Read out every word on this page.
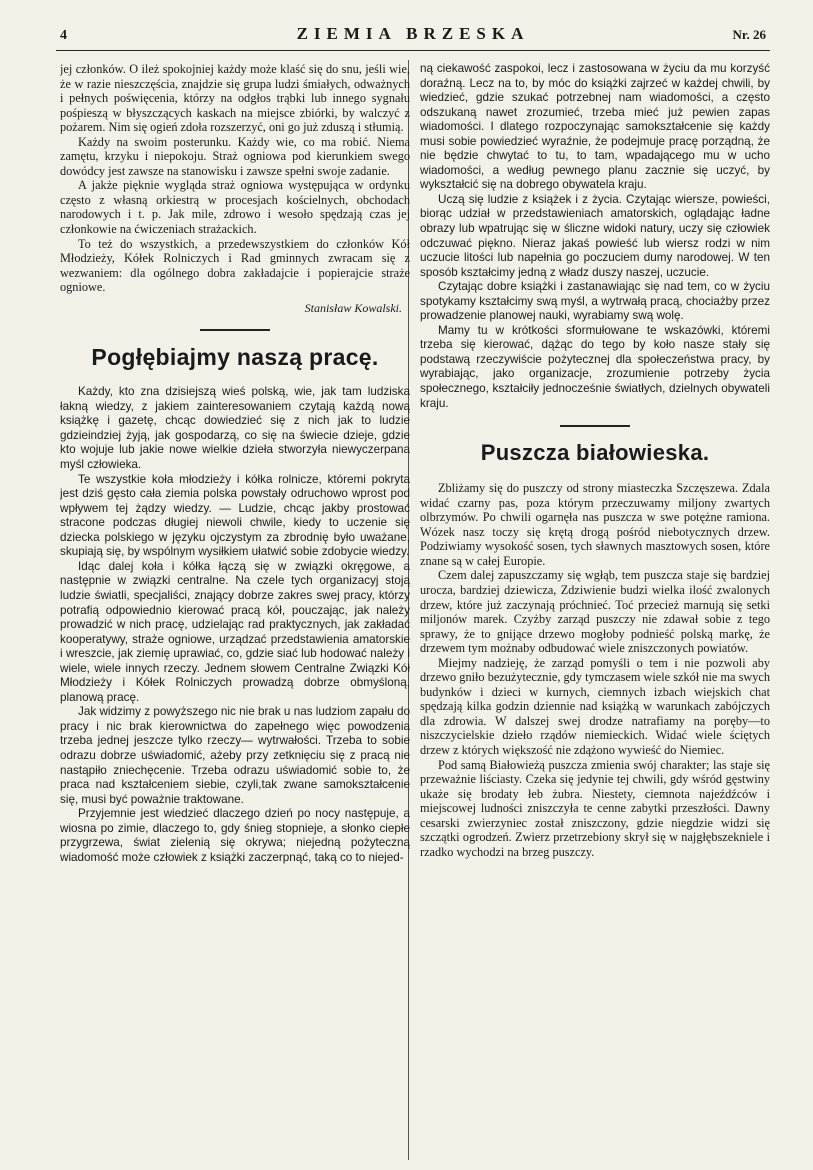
4	ZIEMIA BRZESKA	Nr. 26

jej członków. O ileż spokojniej każdy może klaść się do snu, jeśli wie, że w razie nieszczęścia, znajdzie się grupa ludzi śmiałych, odważnych i pełnych poświęcenia, którzy na odgłos trąbki lub innego sygnału pośpieszą w błyszczących kaskach na miejsce zbiórki, by walczyć z pożarem. Nim się ogień zdoła rozszerzyć, oni go już zduszą i stłumią.

Każdy na swoim posterunku. Każdy wie, co ma robić. Niema zamętu, krzyku i niepokoju. Straż ogniowa pod kierunkiem swego dowódcy jest zawsze na stanowisku i zawsze spełni swoje zadanie.

A jakże pięknie wygląda straż ogniowa występująca w ordynku często z własną orkiestrą w procesjach kościelnych, obchodach narodowych i t. p. Jak mile, zdrowo i wesoło spędzają czas jej członkowie na ćwiczeniach strażackich.

To też do wszystkich, a przedewszystkiem do członków Kół Młodzieży, Kółek Rolniczych i Rad gminnych zwracam się z wezwaniem: dla ogólnego dobra zakładajcie i popierajcie straże ogniowe.

Stanisław Kowalski.
Pogłębiajmy naszą pracę.

Każdy, kto zna dzisiejszą wieś polską, wie, jak tam ludziska łakną wiedzy, z jakiem zainteresowaniem czytają każdą nową książkę i gazetę, chcąc dowiedzieć się z nich jak to ludzie gdzieindziej żyją, jak gospodarzą, co się na świecie dzieje, gdzie kto wojuje lub jakie nowe wielkie dzieła stworzyła niewyczerpana myśl człowieka.

Te wszystkie koła młodzieży i kółka rolnicze, któremi pokryta jest dziś gęsto cała ziemia polska powstały odruchowo wprost pod wpływem tej żądzy wiedzy. — Ludzie, chcąc jakby prostować stracone podczas długiej niewoli chwile, kiedy to uczenie się dziecka polskiego w języku ojczystym za zbrodnię było uważane, skupiają się, by wspólnym wysiłkiem ułatwić sobie zdobycie wiedzy.

Idąc dalej koła i kółka łączą się w związki okręgowe, a następnie w związki centralne. Na czele tych organizacyj stoją ludzie światli, specjaliści, znający dobrze zakres swej pracy, którzy potrafią odpowiednio kierować pracą kół, pouczając, jak należy prowadzić w nich pracę, udzielając rad praktycznych, jak zakładać kooperatywy, straże ogniowe, urządzać przedstawienia amatorskie i wreszcie, jak ziemię uprawiać, co, gdzie siać lub hodować należy i wiele, wiele innych rzeczy. Jednem słowem Centralne Związki Kół Młodzieży i Kółek Rolniczych prowadzą dobrze obmyśloną, planową pracę.

Jak widzimy z powyższego nic nie brak u nas ludziom zapału do pracy i nic brak kierownictwa do zapełnego więc powodzenia trzeba jednej jeszcze tylko rzeczy— wytrwałości. Trzeba to sobie odrazu dobrze uświadomić, ażeby przy zetknięciu się z pracą nie nastąpiło zniechęcenie. Trzeba odrazu uświadomić sobie to, że praca nad kształceniem siebie, czyli,tak zwane samokształcenie się, musi być poważnie traktowane.

Przyjemnie jest wiedzieć dlaczego dzień po nocy następuje, a wiosna po zimie, dlaczego to, gdy śnieg stopnieje, a słonko ciepłe przygrzewa, świat zielenią się okrywa; niejedną pożyteczną wiadomość może człowiek z książki zaczerpnąć, taką co to niejed-

ną ciekawość zaspokoi, lecz i zastosowana w życiu da mu korzyść doraźną. Lecz na to, by móc do książki zajrzeć w każdej chwili, by wiedzieć, gdzie szukać potrzebnej nam wiadomości, a często odszukaną nawet zrozumieć, trzeba mieć już pewien zapas wiadomości. I dlatego rozpoczynając samokształcenie się każdy musi sobie powiedzieć wyraźnie, że podejmuje pracę porządną, że nie będzie chwytać to tu, to tam, wpadającego mu w ucho wiadomości, a według pewnego planu zacznie się uczyć, by wykształcić się na dobrego obywatela kraju.

Uczą się ludzie z książek i z życia. Czytając wiersze, powieści, biorąc udział w przedstawieniach amatorskich, oglądając ładne obrazy lub wpatrując się w śliczne widoki natury, uczy się człowiek odczuwać piękno. Nieraz jakaś powieść lub wiersz rodzi w nim uczucie litości lub napełnia go poczuciem dumy narodowej. W ten sposób kształcimy jedną z władz duszy naszej, uczucie.

Czytając dobre książki i zastanawiając się nad tem, co w życiu spotykamy kształcimy swą myśl, a wytrwałą pracą, chociażby przez prowadzenie planowej nauki, wyrabiamy swą wolę.

Mamy tu w krótkości sformułowane te wskazówki, któremi trzeba się kierować, dążąc do tego by koło nasze stały się podstawą rzeczywiście pożytecznej dla społeczeństwa pracy, by wyrabiając, jako organizacje, zrozumienie potrzeby życia społecznego, kształciły jednocześnie światłych, dzielnych obywateli kraju.

Puszcza białowieska.

Zbliżamy się do puszczy od strony miasteczka Szczęszewa. Zdala widać czarny pas, poza którym przeczuwamy miljony zwartych olbrzymów. Po chwili ogarnęła nas puszcza w swe potężne ramiona. Wózek nasz toczy się krętą drogą pośród niebotycznych drzew. Podziwiamy wysokość sosen, tych sławnych masztowych sosen, które znane są w całej Europie.

Czem dalej zapuszczamy się wgłąb, tem puszcza staje się bardziej urocza, bardziej dziewicza, Zdziwienie budzi wielka ilość zwalonych drzew, które już zaczynają próchnieć. Toć przecież marnują się setki miljonów marek. Czyżby zarząd puszczy nie zdawał sobie z tego sprawy, że to gnijące drzewo mogłoby podnieść polską markę, że drzewem tym możnaby odbudować wiele zniszczonych powiatów.

Miejmy nadzieję, że zarząd pomyśli o tem i nie pozwoli aby drzewo gniło bezużytecznie, gdy tymczasem wiele szkół nie ma swych budynków i dzieci w kurnych, ciemnych izbach wiejskich chat spędzają kilka godzin dziennie nad książką w warunkach zabójczych dla zdrowia. W dalszej swej drodze natrafiamy na poręby—to niszczycielskie dzieło rządów niemieckich. Widać wiele ściętych drzew z których większość nie zdążono wywieść do Niemiec.

Pod samą Białowieżą puszcza zmienia swój charakter; las staje się przeważnie liściasty. Czeka się jedynie tej chwili, gdy wśród gęstwiny ukaże się brodaty łeb żubra. Niestety, ciemnota najeźdźców i miejscowej ludności zniszczyła te cenne zabytki przeszłości. Dawny cesarski zwierzyniec został zniszczony, gdzie niegdzie widzi się szczątki ogrodzeń. Zwierz przetrzebiony skrył się w najgłębszekniele i rzadko wychodzi na brzeg puszczy.
